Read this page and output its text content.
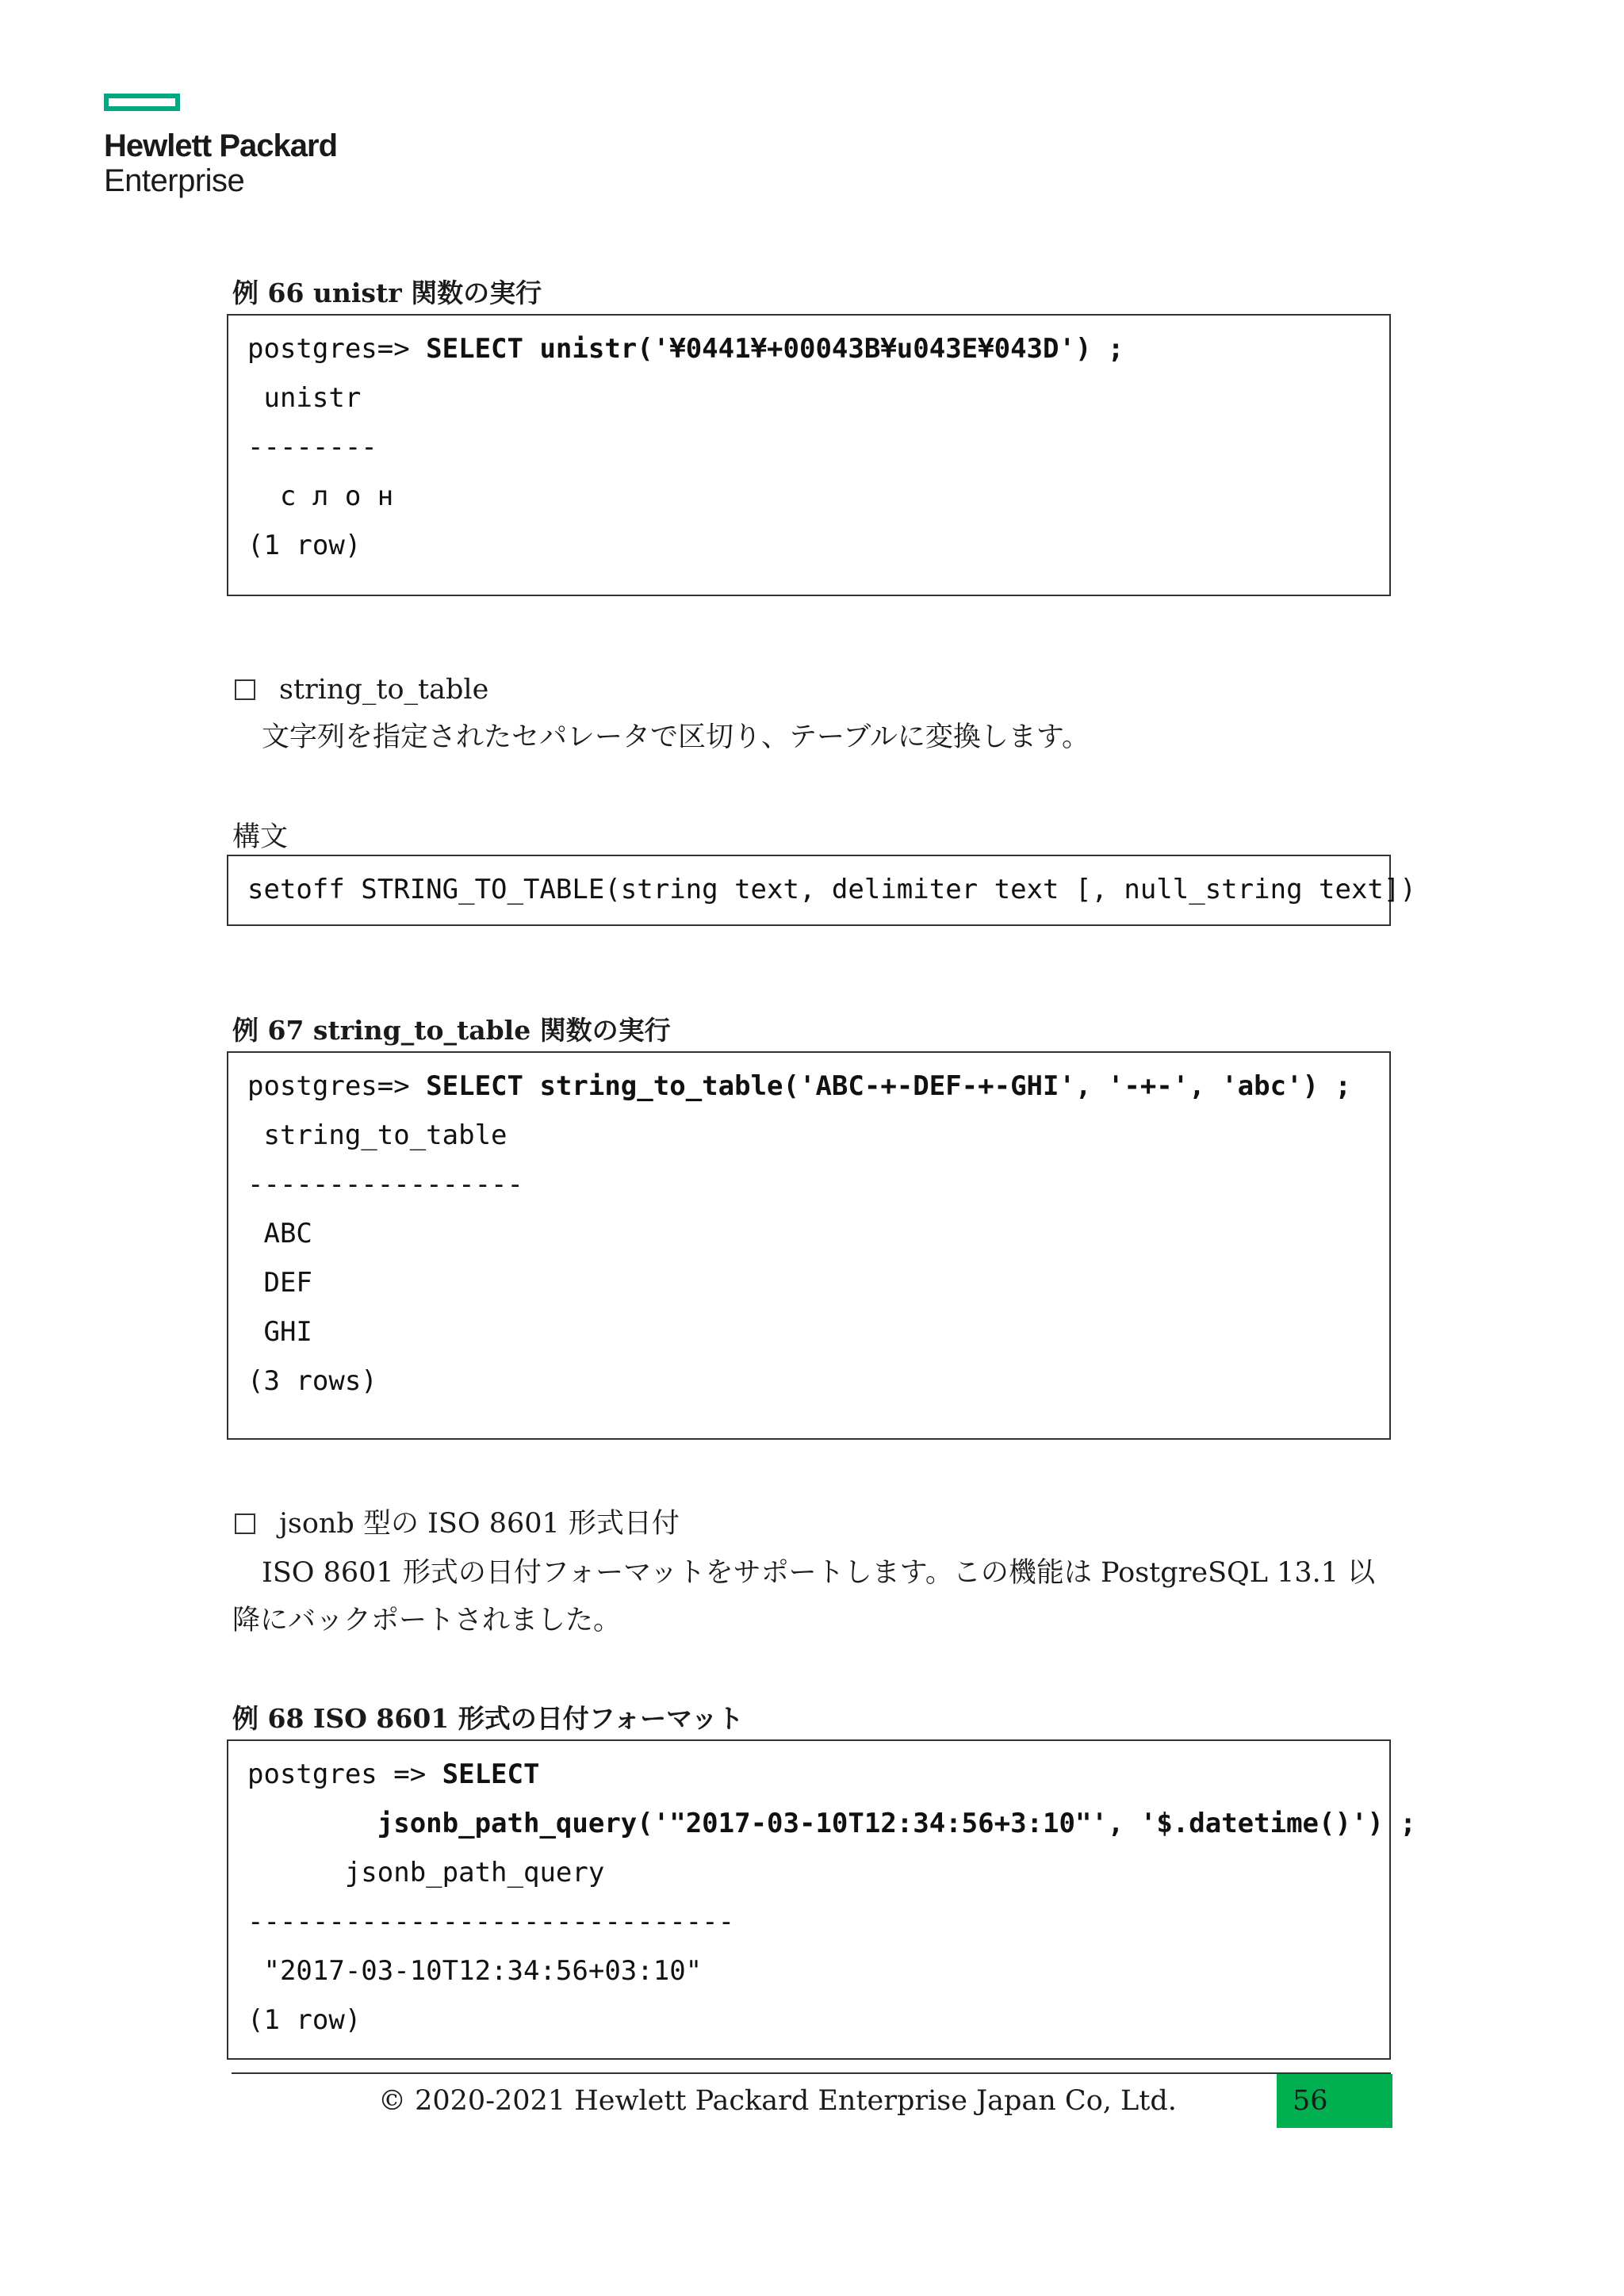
Hewlett Packard
Enterprise
例 66 unistr 関数の実行
postgres=> SELECT unistr('¥0441¥+00043B¥u043E¥043D') ;
unistr
--------
с л о н
(1 row)
string_to_table
文字列を指定されたセパレータで区切り、テーブルに変換します。
構文
setoff STRING_TO_TABLE(string text, delimiter text [, null_string text])
例 67 string_to_table 関数の実行
postgres=> SELECT string_to_table('ABC-+-DEF-+-GHI', '-+-', 'abc') ;
string_to_table
-----------------
ABC
DEF
GHI
(3 rows)
jsonb 型の ISO 8601 形式日付
ISO 8601 形式の日付フォーマットをサポートします。この機能は PostgreSQL 13.1 以
降にバックポートされました。
例 68 ISO 8601 形式の日付フォーマット
postgres => SELECT
jsonb_path_query('"2017-03-10T12:34:56+3:10"', '$.datetime()') ;
jsonb_path_query
------------------------------
"2017-03-10T12:34:56+03:10"
(1 row)
© 2020-2021 Hewlett Packard Enterprise Japan Co, Ltd.	56
